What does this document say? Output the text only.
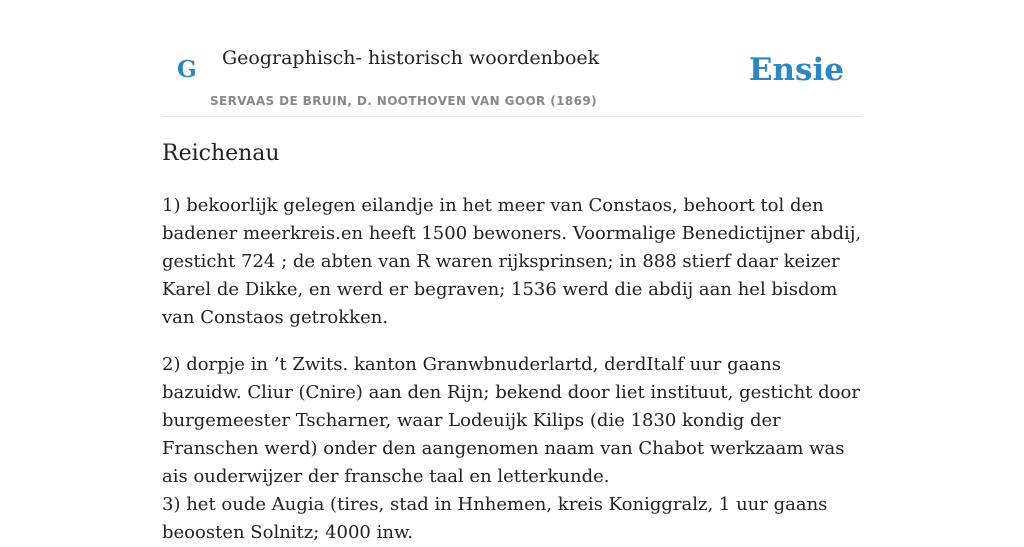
G Geographisch- historisch woordenboek
SERVAAS DE BRUIN, D. NOOTHOVEN VAN GOOR (1869)
Ensie
Reichenau

1) bekoorlijk gelegen eilandje in het meer van Constaos, behoort tol den badener meerkreis.en heeft 1500 bewoners. Voormalige Benedictijner abdij, gesticht 724 ; de abten van R waren rijksprinsen; in 888 stierf daar keizer Karel de Dikke, en werd er begraven; 1536 werd die abdij aan hel bisdom van Constaos getrokken.

2) dorpje in ’t Zwits. kanton Granwbnuderlartd, derdItalf uur gaans bazuidw. Cliur (Cnire) aan den Rijn; bekend door liet instituut, gesticht door burgemeester Tscharner, waar Lodeuijk Kilips (die 1830 kondig der Franschen werd) onder den aangenomen naam van Chabot werkzaam was ais ouderwijzer der fransche taal en letterkunde.

3) het oude Augia (tires, stad in Hnhemen, kreis Koniggralz, 1 uur gaans beoosten Solnitz; 4000 inw.
